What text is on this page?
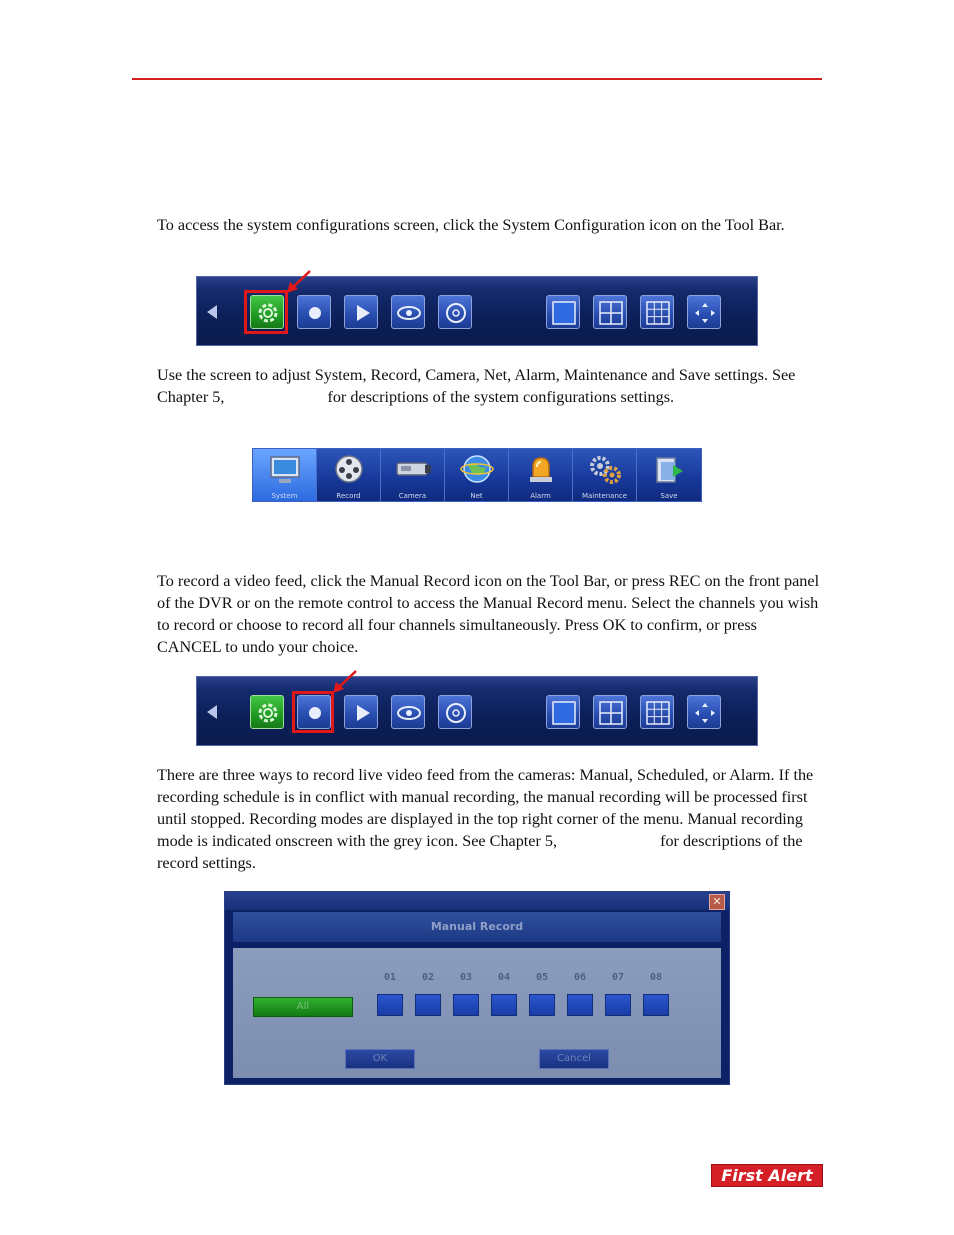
To access the system configurations screen, click the System Configuration icon on the Tool Bar.

Use the screen to adjust System, Record, Camera, Net, Alarm, Maintenance and Save settings. See Chapter 5,	for descriptions of the system configurations settings.

System	Record	Camera	Net	Alarm	Maintenance	Save

To record a video feed, click the Manual Record icon on the Tool Bar, or press REC on the front panel of the DVR or on the remote control to access the Manual Record menu. Select the channels you wish to record or choose to record all four channels simultaneously. Press OK to confirm, or press CANCEL to undo your choice.

There are three ways to record live video feed from the cameras: Manual, Scheduled, or Alarm. If the recording schedule is in conflict with manual recording, the manual recording will be processed first until stopped. Recording modes are displayed in the top right corner of the menu. Manual recording mode is indicated onscreen with the grey icon. See Chapter 5,	for descriptions of the record settings.

✕
Manual Record
01	02	03	04	05	06	07	08
All
OK	Cancel
First Alert
